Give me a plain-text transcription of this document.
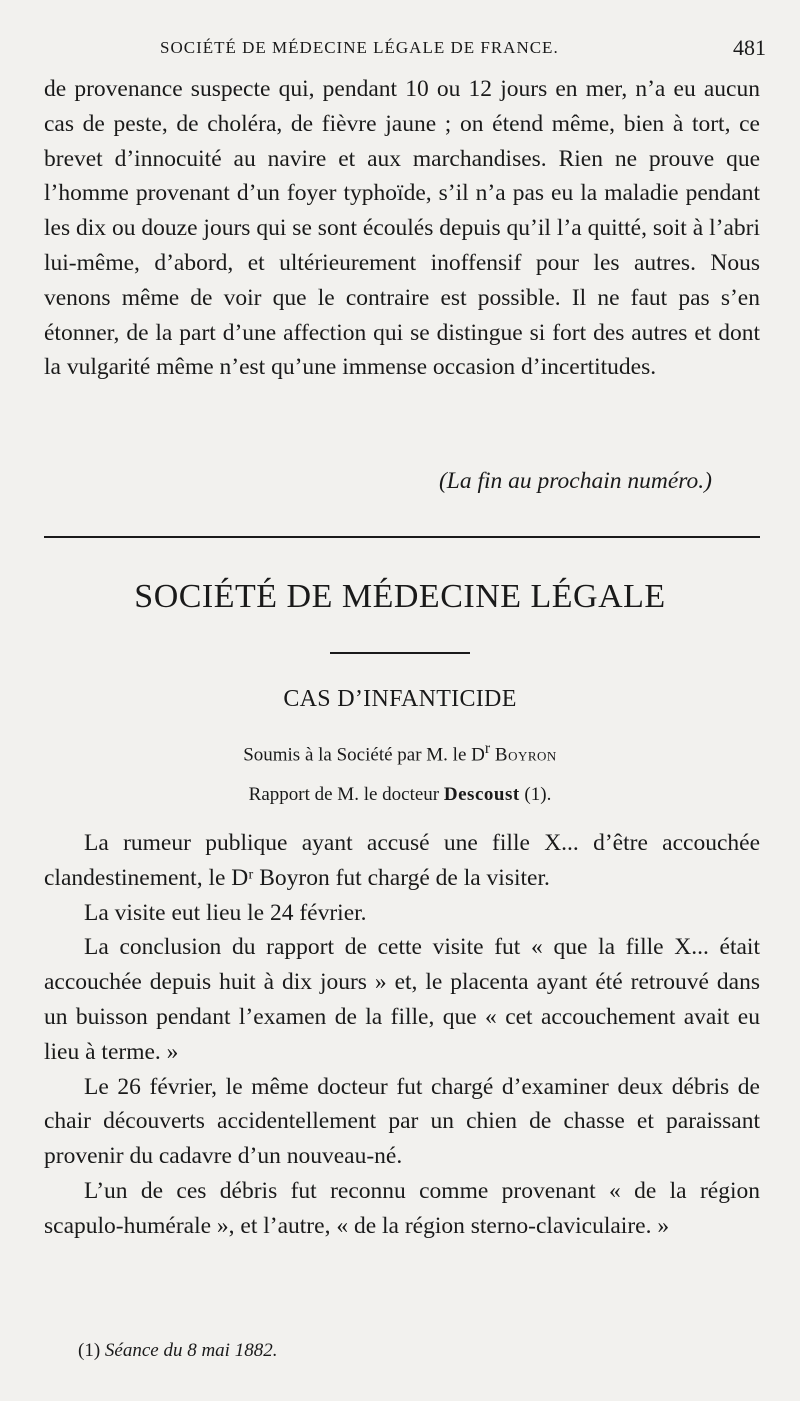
SOCIÉTÉ DE MÉDECINE LÉGALE DE FRANCE.	481

de provenance suspecte qui, pendant 10 ou 12 jours en mer, n’a eu aucun cas de peste, de choléra, de fièvre jaune ; on étend même, bien à tort, ce brevet d’innocuité au navire et aux marchandises. Rien ne prouve que l’homme provenant d’un foyer typhoïde, s’il n’a pas eu la maladie pendant les dix ou douze jours qui se sont écoulés depuis qu’il l’a quitté, soit à l’abri lui-même, d’abord, et ultérieurement inoffensif pour les autres. Nous venons même de voir que le contraire est possible. Il ne faut pas s’en étonner, de la part d’une affection qui se distingue si fort des autres et dont la vulgarité même n’est qu’une immense occasion d’incertitudes.

(La fin au prochain numéro.)
SOCIÉTÉ DE MÉDECINE LÉGALE
CAS D’INFANTICIDE
Soumis à la Société par M. le $D^r$ Boyron
Rapport de M. le docteur Descoust (1).

La rumeur publique ayant accusé une fille X... d’être accouchée clandestinement, le Dʳ Boyron fut chargé de la visiter.

La visite eut lieu le 24 février.

La conclusion du rapport de cette visite fut « que la fille X... était accouchée depuis huit à dix jours » et, le placenta ayant été retrouvé dans un buisson pendant l’examen de la fille, que « cet accouchement avait eu lieu à terme. »

Le 26 février, le même docteur fut chargé d’examiner deux débris de chair découverts accidentellement par un chien de chasse et paraissant provenir du cadavre d’un nouveau-né.

L’un de ces débris fut reconnu comme provenant « de la région scapulo-humérale », et l’autre, « de la région sterno-claviculaire. »

(1) Séance du 8 mai 1882.
